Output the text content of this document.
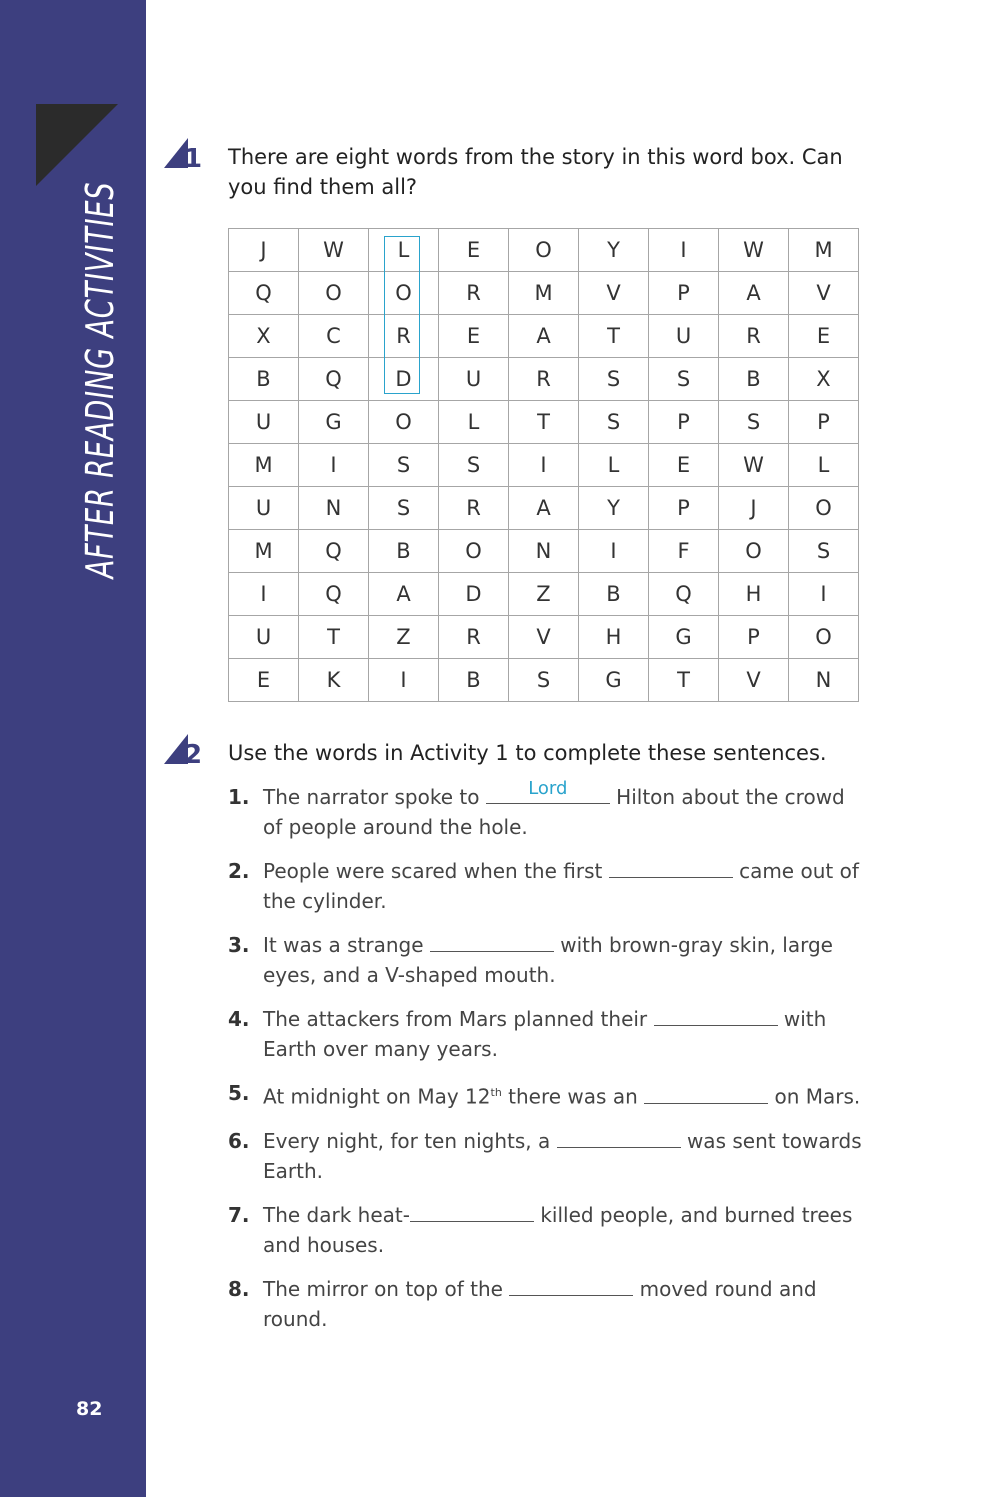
AFTER READING ACTIVITIES
82
1 There are eight words from the story in this word box. Can you find them all?
J	W	L	E	O	Y	I	W	M
Q	O	O	R	M	V	P	A	V
X	C	R	E	A	T	U	R	E
B	Q	D	U	R	S	S	B	X
U	G	O	L	T	S	P	S	P
M	I	S	S	I	L	E	W	L
U	N	S	R	A	Y	P	J	O
M	Q	B	O	N	I	F	O	S
I	Q	A	D	Z	B	Q	H	I
U	T	Z	R	V	H	G	P	O
E	K	I	B	S	G	T	V	N
2 Use the words in Activity 1 to complete these sentences.
1. The narrator spoke to	Lord	Hilton about the crowd of people around the hole.
2. People were scared when the first	came out of the cylinder.
3. It was a strange	with brown-gray skin, large eyes, and a V-shaped mouth.
4. The attackers from Mars planned their	with Earth over many years.
5. At midnight on May 12th there was an	on Mars.
6. Every night, for ten nights, a	was sent towards Earth.
7. The dark heat-	killed people, and burned trees and houses.
8. The mirror on top of the	moved round and round.
